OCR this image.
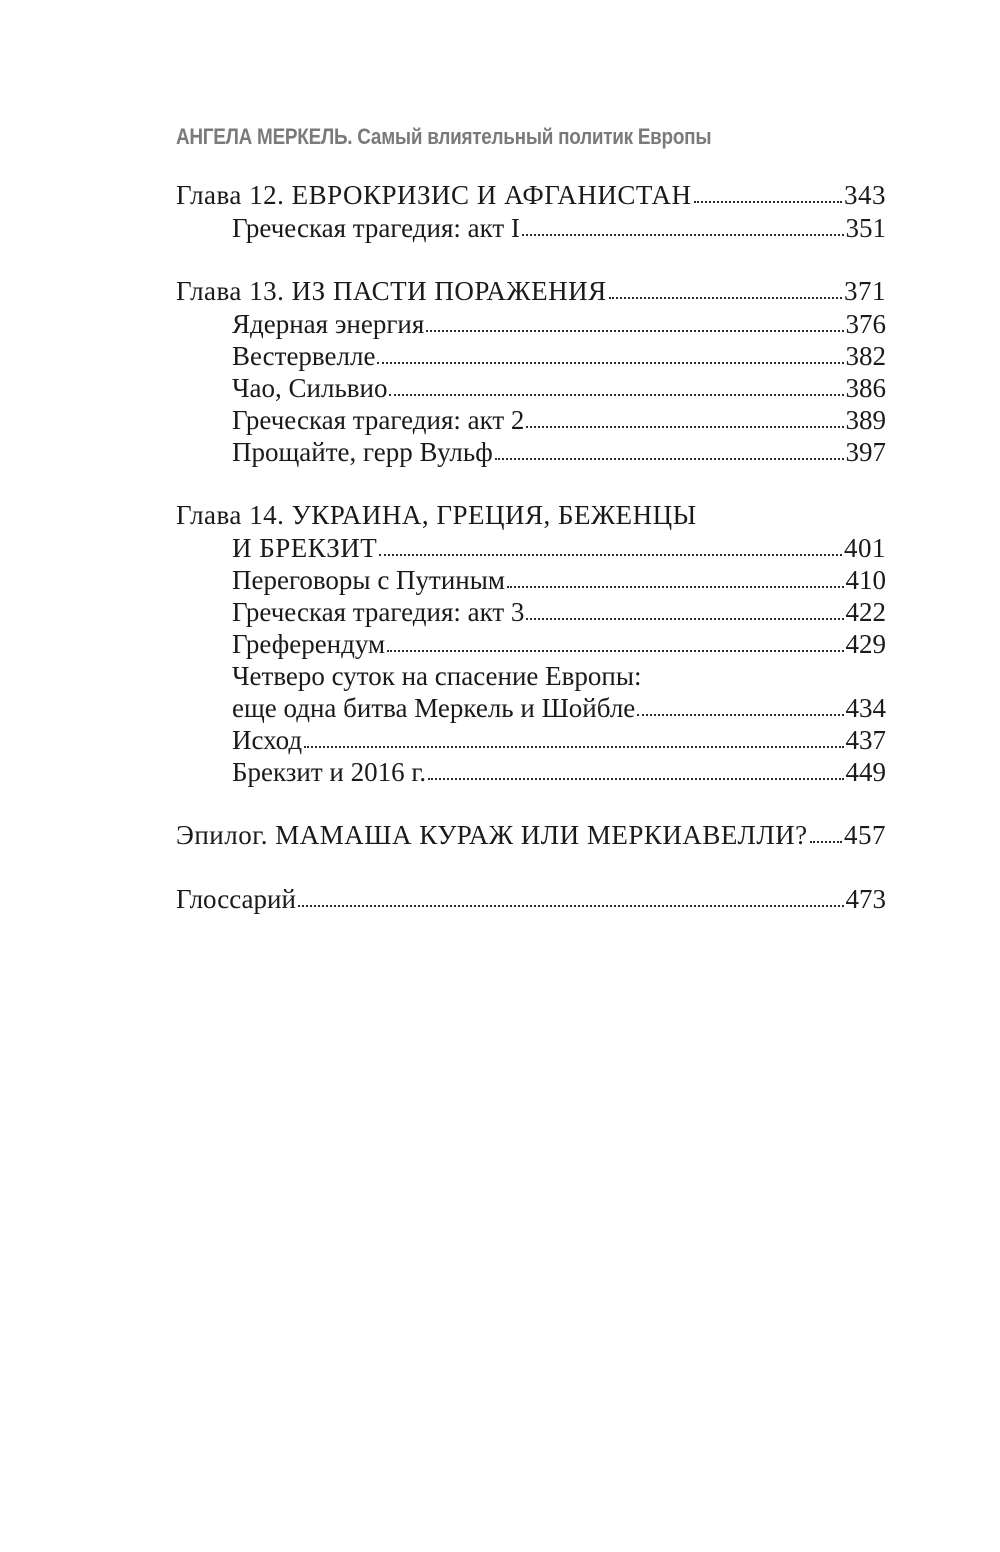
АНГЕЛА МЕРКЕЛЬ. Самый влиятельный политик Европы
Глава 12. ЕВРОКРИЗИС И АФГАНИСТАН	343
Греческая трагедия: акт I	351
Глава 13. ИЗ ПАСТИ ПОРАЖЕНИЯ	371
Ядерная энергия	376
Вестервелле	382
Чао, Сильвио	386
Греческая трагедия: акт 2	389
Прощайте, герр Вульф	397
Глава 14. УКРАИНА, ГРЕЦИЯ, БЕЖЕНЦЫ
И БРЕКЗИТ	401
Переговоры с Путиным	410
Греческая трагедия: акт 3	422
Греферендум	429
Четверо суток на спасение Европы:
еще одна битва Меркель и Шойбле	434
Исход	437
Брекзит и 2016 г.	449
Эпилог. МАМАША КУРАЖ ИЛИ МЕРКИАВЕЛЛИ? 457
Глоссарий	473
